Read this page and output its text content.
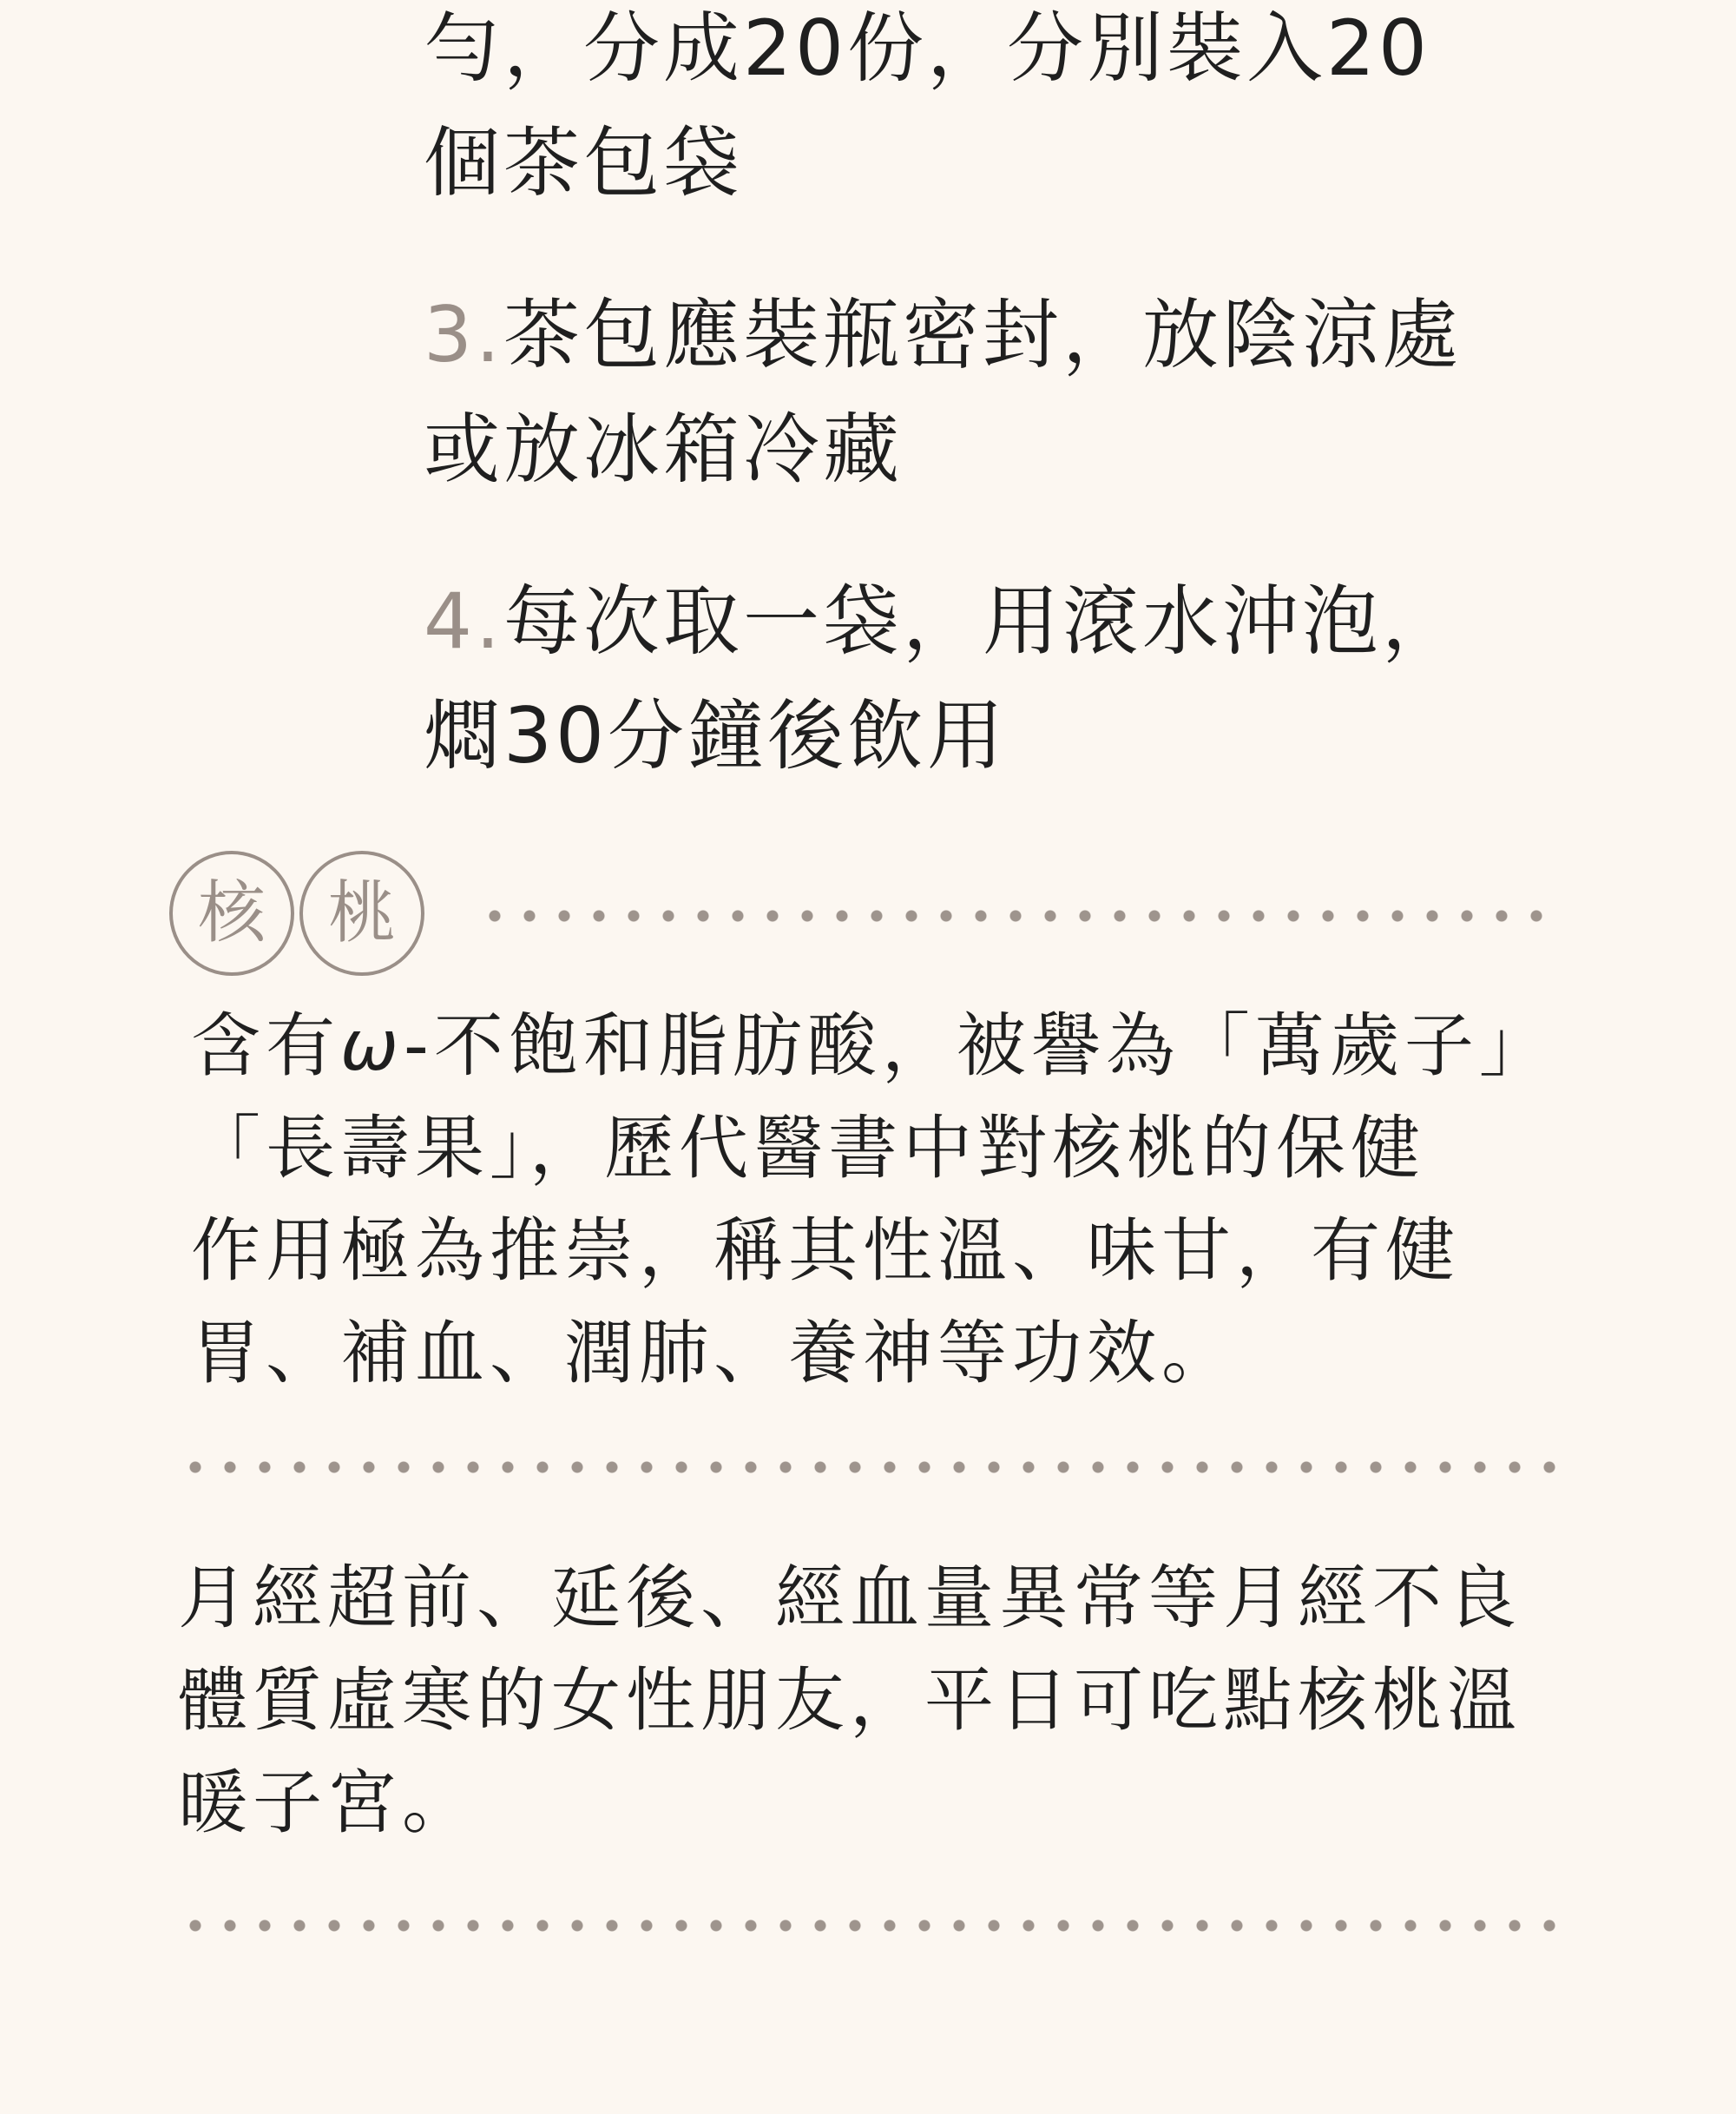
勻，分成20份，分別裝入20
個茶包袋
3.茶包應裝瓶密封，放陰涼處
或放冰箱冷藏
4.每次取一袋，用滾水沖泡，
燜30分鐘後飲用
核 桃
含有ω-不飽和脂肪酸，被譽為「萬歲子」
「長壽果」，歷代醫書中對核桃的保健
作用極為推崇，稱其性溫、味甘，有健
胃、補血、潤肺、養神等功效。
月經超前、延後、經血量異常等月經不良
體質虛寒的女性朋友，平日可吃點核桃溫
暖子宮。
